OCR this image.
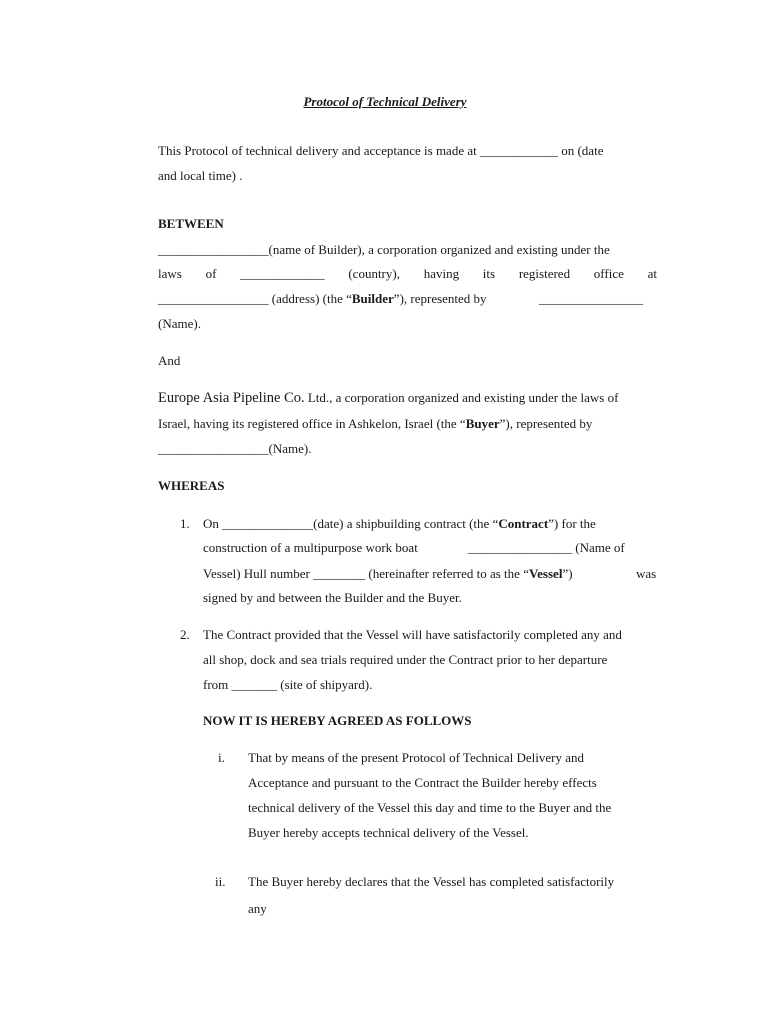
Protocol of Technical Delivery
This Protocol of technical delivery and acceptance is made at ____________ on (date
and local time) .
BETWEEN
_________________(name of Builder), a corporation organized and existing under the
laws of _____________ (country), having its registered office at
_________________ (address) (the “Builder”), represented by	________________
(Name).
And
Europe Asia Pipeline Co. Ltd., a corporation organized and existing under the laws of
Israel, having its registered office in Ashkelon, Israel (the “Buyer”), represented by
_________________(Name).
WHEREAS
1. On ______________(date) a shipbuilding contract (the “Contract”) for the
construction of a multipurpose work boat	________________ (Name of
Vessel) Hull number ________ (hereinafter referred to as the “Vessel”)	was
signed by and between the Builder and the Buyer.
2. The Contract provided that the Vessel will have satisfactorily completed any and
all shop, dock and sea trials required under the Contract prior to her departure
from _______ (site of shipyard).
NOW IT IS HEREBY AGREED AS FOLLOWS
i. That by means of the present Protocol of Technical Delivery and
Acceptance and pursuant to the Contract the Builder hereby effects
technical delivery of the Vessel this day and time to the Buyer and the
Buyer hereby accepts technical delivery of the Vessel.
ii. The Buyer hereby declares that the Vessel has completed satisfactorily
any
